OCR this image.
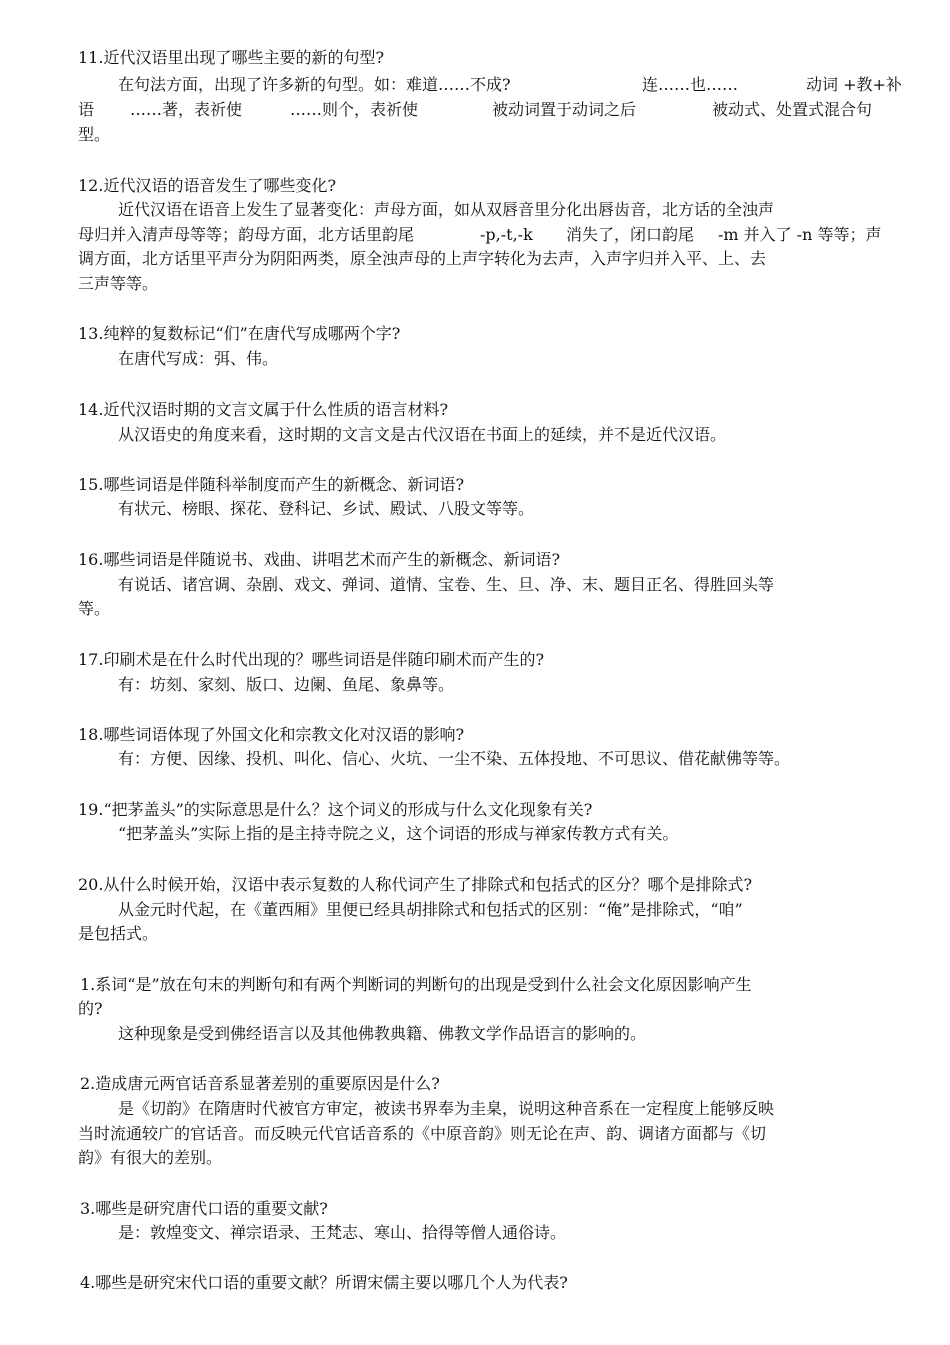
11.近代汉语里出现了哪些主要的新的句型?
在句法方面，出现了许多新的句型。如：难道……不成?	连……也……	动词 +教+补
语 ……著，表祈使	……则个，表祈使	被动词置于动词之后	被动式、处置式混合句
型。
12.近代汉语的语音发生了哪些变化?
近代汉语在语音上发生了显著变化：声母方面，如从双唇音里分化出唇齿音，北方话的全浊声
母归并入清声母等等；韵母方面，北方话里韵尾	-p,-t,-k 消失了，闭口韵尾 -m 并入了 -n 等等；声
调方面，北方话里平声分为阴阳两类，原全浊声母的上声字转化为去声，入声字归并入平、上、去
三声等等。
13.纯粹的复数标记“们”在唐代写成哪两个字?
在唐代写成：弭、伟。
14.近代汉语时期的文言文属于什么性质的语言材料?
从汉语史的角度来看，这时期的文言文是古代汉语在书面上的延续，并不是近代汉语。
15.哪些词语是伴随科举制度而产生的新概念、新词语?
有状元、榜眼、探花、登科记、乡试、殿试、八股文等等。
16.哪些词语是伴随说书、戏曲、讲唱艺术而产生的新概念、新词语?
有说话、诸宫调、杂剧、戏文、弹词、道情、宝卷、生、旦、净、末、题目正名、得胜回头等
等。
17.印刷术是在什么时代出现的？哪些词语是伴随印刷术而产生的?
有：坊刻、家刻、版口、边阑、鱼尾、象鼻等。
18.哪些词语体现了外国文化和宗教文化对汉语的影响?
有：方便、因缘、投机、叫化、信心、火坑、一尘不染、五体投地、不可思议、借花献佛等等。
19.“把茅盖头”的实际意思是什么？这个词义的形成与什么文化现象有关?
“把茅盖头”实际上指的是主持寺院之义，这个词语的形成与禅家传教方式有关。
20.从什么时候开始，汉语中表示复数的人称代词产生了排除式和包括式的区分？哪个是排除式?
从金元时代起，在《董西厢》里便已经具胡排除式和包括式的区别：“俺”是排除式，“咱”
是包括式。
1.系词“是”放在句末的判断句和有两个判断词的判断句的出现是受到什么社会文化原因影响产生
的?
这种现象是受到佛经语言以及其他佛教典籍、佛教文学作品语言的影响的。
2.造成唐元两官话音系显著差别的重要原因是什么?
是《切韵》在隋唐时代被官方审定，被读书界奉为圭臬，说明这种音系在一定程度上能够反映
当时流通较广的官话音。而反映元代官话音系的《中原音韵》则无论在声、韵、调诸方面都与《切
韵》有很大的差别。
3.哪些是研究唐代口语的重要文献?
是：敦煌变文、禅宗语录、王梵志、寒山、拾得等僧人通俗诗。
4.哪些是研究宋代口语的重要文献？所谓宋儒主要以哪几个人为代表?
